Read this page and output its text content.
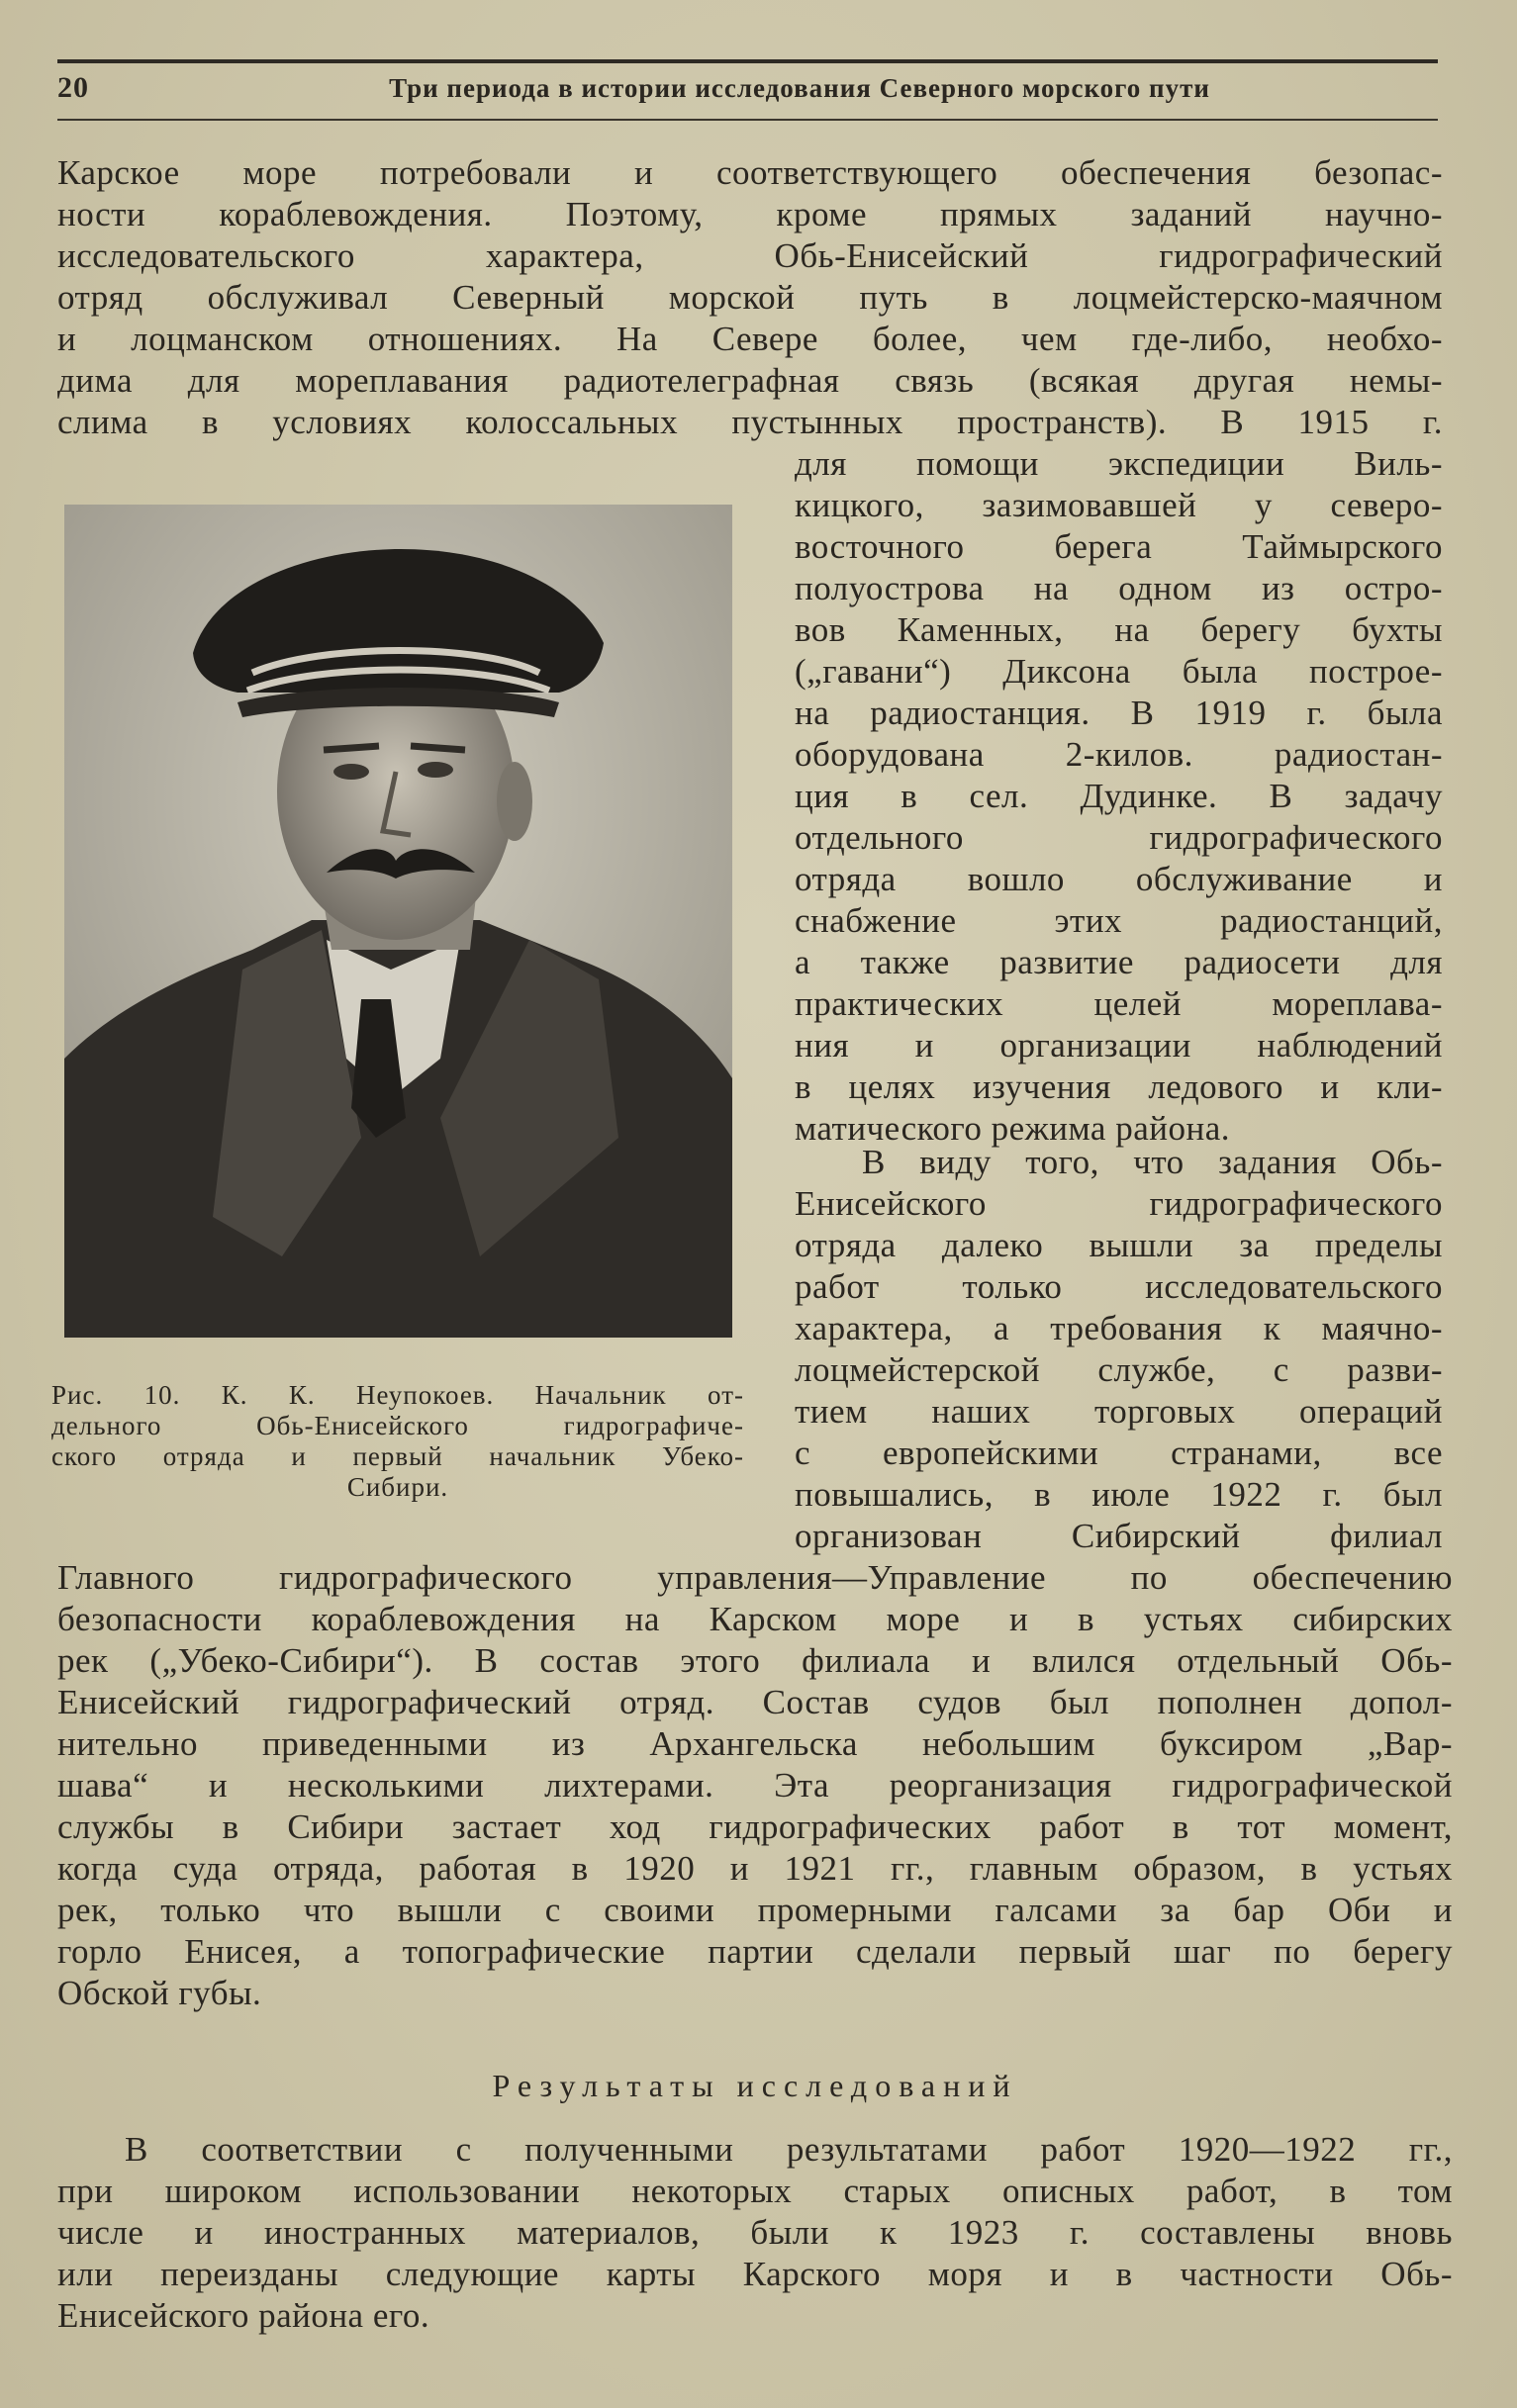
20	Три периода в истории исследования Северного морского пути

Карское море потребовали и соответствующего обеспечения безопас-
ности кораблевождения. Поэтому, кроме прямых заданий научно-
исследовательского характера, Обь-Енисейский гидрографический
отряд обслуживал Северный морской путь в лоцмейстерско-маячном
и лоцманском отношениях. На Севере более, чем где-либо, необхо-
дима для мореплавания радиотелеграфная связь (всякая другая немы-
слима в условиях колоссальных пустынных пространств). В 1915 г.

Рис. 10. К. К. Неупокоев. Начальник от-
дельного Обь-Енисейского гидрографиче-
ского отряда и первый начальник Убеко-
Сибири.

для помощи экспедиции Виль-
кицкого, зазимовавшей у северо-
восточного берега Таймырского
полуострова на одном из остро-
вов Каменных, на берегу бухты
(„гавани“) Диксона была построе-
на радиостанция. В 1919 г. была
оборудована 2-килов. радиостан-
ция в сел. Дудинке. В задачу
отдельного гидрографического
отряда вошло обслуживание и
снабжение этих радиостанций,
а также развитие радиосети для
практических целей мореплава-
ния и организации наблюдений
в целях изучения ледового и кли-
матического режима района.

В виду того, что задания Обь-
Енисейского гидрографического
отряда далеко вышли за пределы
работ только исследовательского
характера, а требования к маячно-
лоцмейстерской службе, с разви-
тием наших торговых операций
с европейскими странами, все
повышались, в июле 1922 г. был
организован Сибирский филиал

Главного гидрографического управления—Управление по обеспечению
безопасности кораблевождения на Карском море и в устьях сибирских
рек („Убеко-Сибири“). В состав этого филиала и влился отдельный Обь-
Енисейский гидрографический отряд. Состав судов был пополнен допол-
нительно приведенными из Архангельска небольшим буксиром „Вар-
шава“ и несколькими лихтерами. Эта реорганизация гидрографической
службы в Сибири застает ход гидрографических работ в тот момент,
когда суда отряда, работая в 1920 и 1921 гг., главным образом, в устьях
рек, только что вышли с своими промерными галсами за бар Оби и
горло Енисея, а топографические партии сделали первый шаг по берегу
Обской губы.

Результаты исследований

В соответствии с полученными результатами работ 1920—1922 гг.,
при широком использовании некоторых старых описных работ, в том
числе и иностранных материалов, были к 1923 г. составлены вновь
или переизданы следующие карты Карского моря и в частности Обь-
Енисейского района его.
